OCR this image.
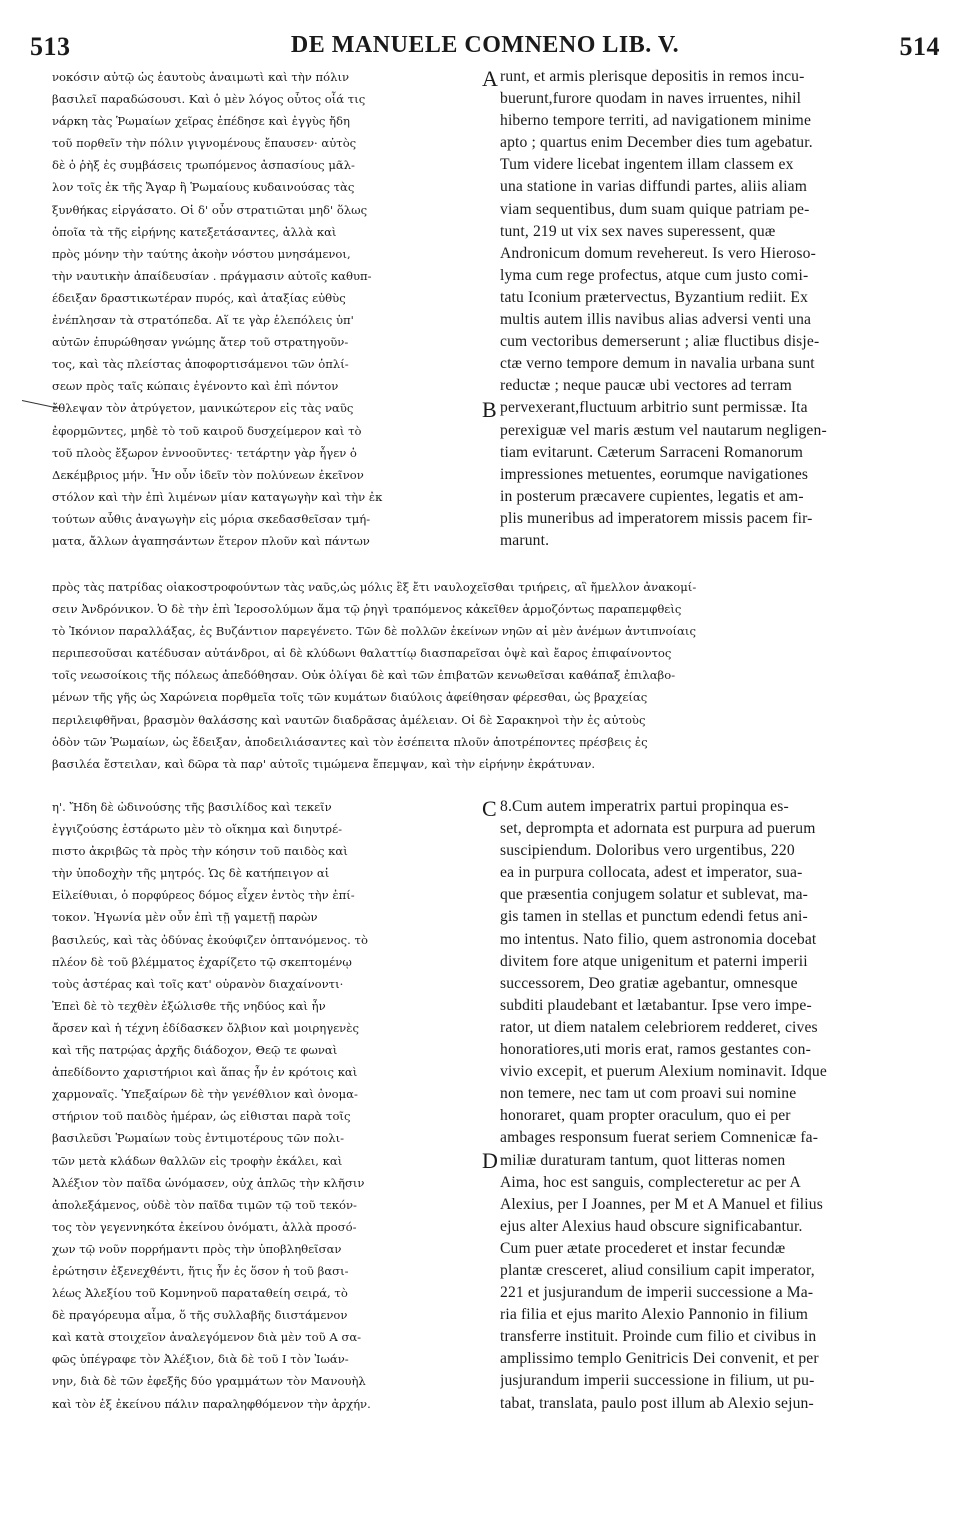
513	DE MANUELE COMNENO LIB. V.	514
νοκόσιν αὐτῷ ὡς ἑαυτοὺς ἀναιμωτὶ καὶ τὴν πόλιν
βασιλεῖ παραδώσουσι. Καὶ ὁ μὲν λόγος οὗτος οἷά τις
νάρκη τὰς Ῥωμαίων χεῖρας ἐπέδησε καὶ ἐγγὺς ἤδη
τοῦ πορθεῖν τὴν πόλιν γιγνομένους ἔπαυσεν· αὐτὸς
δὲ ὁ ῥὴξ ἐς συμβάσεις τρωπόμενος ἀσπασίους μᾶλ-
λον τοῖς ἐκ τῆς Ἄγαρ ἢ Ῥωμαίους κυδαινούσας τὰς
ξυνθήκας εἰργάσατο. Οἱ δ' οὖν στρατιῶται μηδ' ὅλως
ὁποῖα τὰ τῆς εἰρήνης κατεξετάσαντες, ἀλλὰ καὶ
πρὸς μόνην τὴν ταύτης ἀκοὴν νόστου μνησάμενοι,
τὴν ναυτικὴν ἀπαίδευσίαν . πράγμασιν αὐτοῖς καθυπ-
έδειξαν δραστικωτέραν πυρός, καὶ ἀταξίας εὐθὺς
ἐνέπλησαν τὰ στρατόπεδα. Αἵ τε γὰρ ἑλεπόλεις ὑπ'
αὐτῶν ἐπυρώθησαν γνώμης ἄτερ τοῦ στρατηγοῦν-
τος, καὶ τὰς πλείστας ἀποφορτισάμενοι τῶν ὁπλί-
σεων πρὸς ταῖς κώπαις ἐγένοντο καὶ ἐπὶ πόντον
ἔθλεψαν τὸν ἀτρύγετον, μανικώτερον εἰς τὰς ναῦς
ἐφορμῶντες, μηδὲ τὸ τοῦ καιροῦ δυσχείμερον καὶ τὸ
τοῦ πλοὸς ἔξωρον ἐννοοῦντες· τετάρτην γὰρ ἦγεν ὁ
Δεκέμβριος μήν. Ἦν οὖν ἰδεῖν τὸν πολύνεων ἐκεῖνον
στόλον καὶ τὴν ἐπὶ λιμένων μίαν καταγωγὴν καὶ τὴν ἐκ
τούτων αὖθις ἀναγωγὴν εἰς μόρια σκεδασθεῖσαν τμή-
ματα, ἄλλων ἀγαπησάντων ἕτερον πλοῦν καὶ πάντων
runt, et armis plerisque depositis in remos incu-
buerunt,furore quodam in naves irruentes, nihil
hiberno tempore territi, ad navigationem minime
apto ; quartus enim December dies tum agebatur.
Tum videre licebat ingentem illam classem ex
una statione in varias diffundi partes, aliis aliam
viam sequentibus, dum suam quique patriam pe-
tunt, 219 ut vix sex naves superessent, quæ
Andronicum domum revehereut. Is vero Hieroso-
lyma cum rege profectus, atque cum justo comi-
tatu Iconium prætervectus, Byzantium rediit. Ex
multis autem illis navibus alias adversi venti una
cum vectoribus demerserunt ; aliæ fluctibus disje-
ctæ verno tempore demum in navalia urbana sunt
reductæ ; neque paucæ ubi vectores ad terram
pervexerant,fluctuum arbitrio sunt permissæ. Ita
perexiguæ vel maris æstum vel nautarum negligen-
tiam evitarunt. Cæterum Sarraceni Romanorum
impressiones metuentes, eorumque navigationes
in posterum præcavere cupientes, legatis et am-
plis muneribus ad imperatorem missis pacem fir-
marunt.
A
B
πρὸς τὰς πατρίδας οἰακοστροφούντων τὰς ναῦς,ὡς μόλις ἓξ ἔτι ναυλοχεῖσθαι τριήρεις, αἳ ἤμελλον ἀνακομί-
σειν Ἀνδρόνικον. Ὁ δὲ τὴν ἐπὶ Ἱεροσολύμων ἅμα τῷ ῥηγὶ τραπόμενος κἀκεῖθεν ἁρμοζόντως παραπεμφθεὶς
τὸ Ἰκόνιον παραλλάξας, ἐς Βυζάντιον παρεγένετο. Τῶν δὲ πολλῶν ἐκείνων νηῶν αἱ μὲν ἀνέμων ἀντιπνοίαις
περιπεσοῦσαι κατέδυσαν αὐτάνδροι, αἱ δὲ κλύδωνι θαλαττίῳ διασπαρεῖσαι ὀψὲ καὶ ἔαρος ἐπιφαίνοντος
τοῖς νεωσοίκοις τῆς πόλεως ἀπεδόθησαν. Οὐκ ὀλίγαι δὲ καὶ τῶν ἐπιβατῶν κενωθεῖσαι καθάπαξ ἐπιλαβο-
μένων τῆς γῆς ὡς Χαρώνεια πορθμεῖα τοῖς τῶν κυμάτων διαύλοις ἀφείθησαν φέρεσθαι, ὡς βραχείας
περιλειφθῆναι, βρασμὸν θαλάσσης καὶ ναυτῶν διαδρᾶσας ἀμέλειαν. Οἱ δὲ Σαρακηνοὶ τὴν ἐς αὐτοὺς
ὁδὸν τῶν Ῥωμαίων, ὡς ἔδειξαν, ἀποδειλιάσαντες καὶ τὸν ἐσέπειτα πλοῦν ἀποτρέποντες πρέσβεις ἐς
βασιλέα ἔστειλαν, καὶ δῶρα τὰ παρ' αὐτοῖς τιμώμενα ἔπεμψαν, καὶ τὴν εἰρήνην ἐκράτυναν.
η'. Ἤδη δὲ ὠδινούσης τῆς βασιλίδος καὶ τεκεῖν
ἐγγιζούσης ἐστάρωτο μὲν τὸ οἴκημα καὶ διηυτρέ-
πιστο ἀκριβῶς τὰ πρὸς τὴν κόησιν τοῦ παιδὸς καὶ
τὴν ὑποδοχὴν τῆς μητρός. Ὡς δὲ κατήπειγον αἱ
Εἰλείθυιαι, ὁ πορφύρεος δόμος εἶχεν ἐντὸς τὴν ἐπί-
τοκον. Ἠγωνία μὲν οὖν ἐπὶ τῇ γαμετῇ παρὼν
βασιλεύς, καὶ τὰς ὀδύνας ἐκούφιζεν ὀπτανόμενος. τὸ
πλέον δὲ τοῦ βλέμματος ἐχαρίζετο τῷ σκεπτομένῳ
τοὺς ἀστέρας καὶ τοῖς κατ' οὐρανὸν διαχαίνοντι·
Ἐπεὶ δὲ τὸ τεχθὲν ἐξώλισθε τῆς νηδύος καὶ ἦν
ἄρσεν καὶ ἡ τέχνη ἐδίδασκεν ὄλβιον καὶ μοιρηγενὲς
καὶ τῆς πατρῴας ἀρχῆς διάδοχον, Θεῷ τε φωναὶ
ἀπεδίδοντο χαριστήριοι καὶ ἅπας ἦν ἐν κρότοις καὶ
χαρμοναῖς. Ὑπεξαίρων δὲ τὴν γενέθλιον καὶ ὀνομα-
στήριον τοῦ παιδὸς ἡμέραν, ὡς εἰθισται παρὰ τοῖς
βασιλεῦσι Ῥωμαίων τοὺς ἐντιμοτέρους τῶν πολι-
τῶν μετὰ κλάδων θαλλῶν εἰς τροφὴν ἐκάλει, καὶ
Ἀλέξιον τὸν παῖδα ὠνόμασεν, οὐχ ἁπλῶς τὴν κλῆσιν
ἀπολεξάμενος, οὐδὲ τὸν παῖδα τιμῶν τῷ τοῦ τεκόν-
τος τὸν γεγεννηκότα ἐκείνου ὀνόματι, ἀλλὰ προσό-
χων τῷ νοῦν πορρήμαντι πρὸς τὴν ὑποβληθεῖσαν
ἐρώτησιν ἐξενεχθέντι, ἥτις ἦν ἐς ὅσον ἡ τοῦ βασι-
λέως Ἀλεξίου τοῦ Κομνηνοῦ παραταθείη σειρά, τὸ
δὲ πραγόρευμα αἷμα, ὅ τῆς συλλαβῆς διιστάμενον
καὶ κατὰ στοιχεῖον ἀναλεγόμενον διὰ μὲν τοῦ Α σα-
φῶς ὑπέγραφε τὸν Ἀλέξιον, διὰ δὲ τοῦ Ι τὸν Ἰωάν-
νην, διὰ δὲ τῶν ἐφεξῆς δύο γραμμάτων τὸν Μανουὴλ
καὶ τὸν ἐξ ἐκείνου πάλιν παραληφθόμενον τὴν ἀρχήν.
8.Cum autem imperatrix partui propinqua es-
set, deprompta et adornata est purpura ad puerum
suscipiendum. Doloribus vero urgentibus, 220
ea in purpura collocata, adest et imperator, sua-
que præsentia conjugem solatur et sublevat, ma-
gis tamen in stellas et punctum edendi fetus ani-
mo intentus. Nato filio, quem astronomia docebat
divitem fore atque unigenitum et paterni imperii
successorem, Deo gratiæ agebantur, omnesque
subditi plaudebant et lætabantur. Ipse vero impe-
rator, ut diem natalem celebriorem redderet, cives
honoratiores,uti moris erat, ramos gestantes con-
vivio excepit, et puerum Alexium nominavit. Idque
non temere, nec tam ut com proavi sui nomine
honoraret, quam propter oraculum, quo ei per
ambages responsum fuerat seriem Comnenicæ fa-
miliæ duraturam tantum, quot litteras nomen
Aima, hoc est sanguis, complecteretur ac per A
Alexius, per I Joannes, per M et A Manuel et filius
ejus alter Alexius haud obscure significabantur.
Cum puer ætate procederet et instar fecundæ
plantæ cresceret, aliud consilium capit imperator,
221 et jusjurandum de imperii successione a Ma-
ria filia et ejus marito Alexio Pannonio in filium
transferre instituit. Proinde cum filio et civibus in
amplissimo templo Genitricis Dei convenit, et per
jusjurandum imperii successione in filium, ut pu-
tabat, translata, paulo post illum ab Alexio sejun-
C
D
